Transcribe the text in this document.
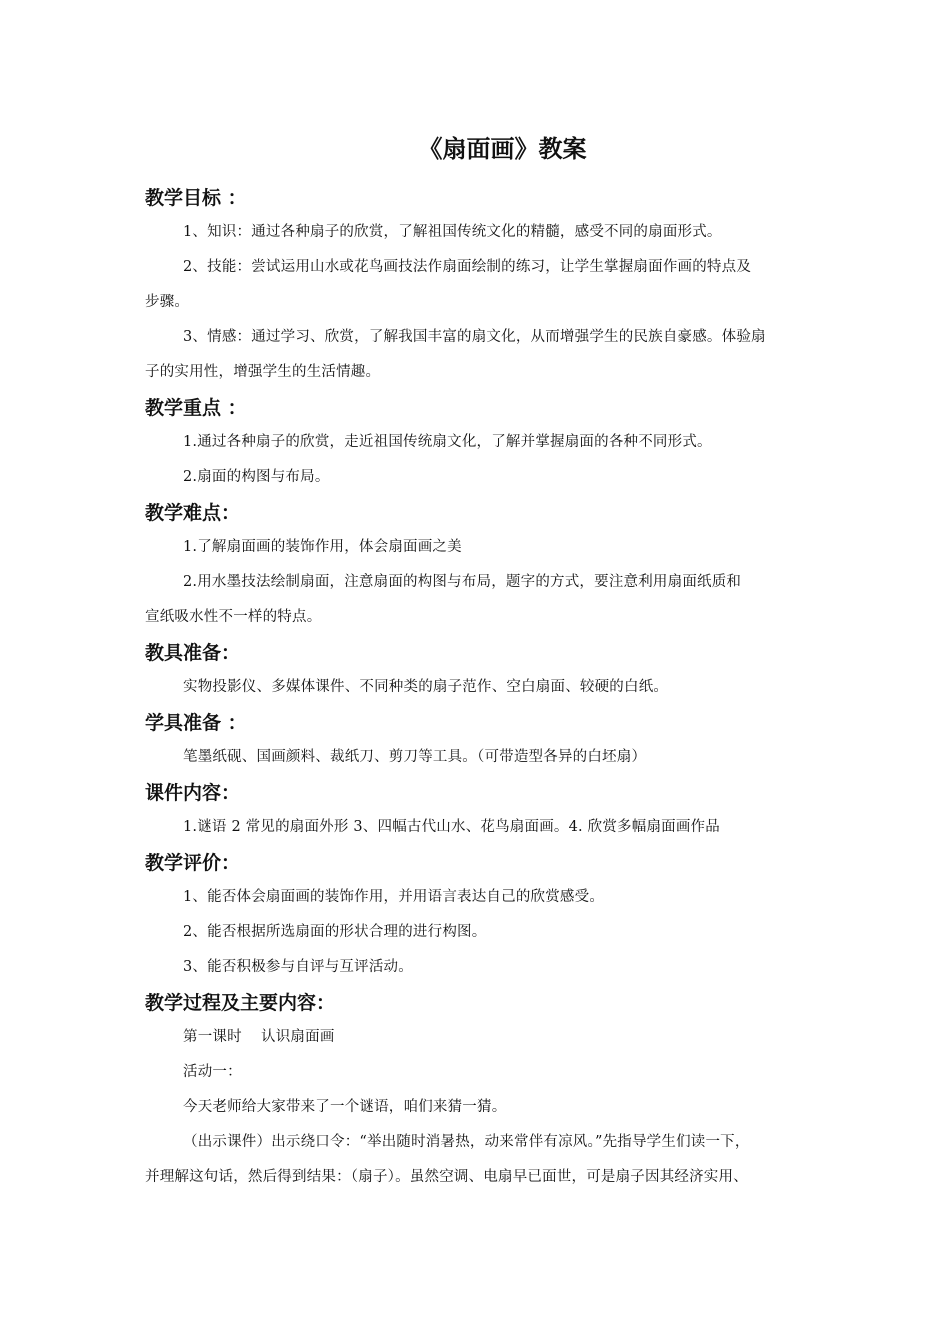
《扇面画》教案
教学目标 ：
1、知识：通过各种扇子的欣赏，了解祖国传统文化的精髓，感受不同的扇面形式。
2、技能：尝试运用山水或花鸟画技法作扇面绘制的练习，让学生掌握扇面作画的特点及
步骤。
3、情感：通过学习、欣赏，了解我国丰富的扇文化，从而增强学生的民族自豪感。体验扇
子的实用性，增强学生的生活情趣。
教学重点 ：
1.通过各种扇子的欣赏，走近祖国传统扇文化，了解并掌握扇面的各种不同形式。
2.扇面的构图与布局。
教学难点：
1.了解扇面画的装饰作用，体会扇面画之美
2.用水墨技法绘制扇面，注意扇面的构图与布局，题字的方式，要注意利用扇面纸质和
宣纸吸水性不一样的特点。
教具准备：
实物投影仪、多媒体课件、不同种类的扇子范作、空白扇面、较硬的白纸。
学具准备 ：
笔墨纸砚、国画颜料、裁纸刀、剪刀等工具。（可带造型各异的白坯扇）
课件内容：
1.谜语 2 常见的扇面外形 3、四幅古代山水、花鸟扇面画。4. 欣赏多幅扇面画作品
教学评价：
1、能否体会扇面画的装饰作用，并用语言表达自己的欣赏感受。
2、能否根据所选扇面的形状合理的进行构图。
3、能否积极参与自评与互评活动。
教学过程及主要内容：
第一课时    认识扇面画
活动一：
今天老师给大家带来了一个谜语，咱们来猜一猜。
（出示课件）出示绕口令：“举出随时消暑热，动来常伴有凉风。”先指导学生们读一下，
并理解这句话，然后得到结果：（扇子）。虽然空调、电扇早已面世，可是扇子因其经济实用、
